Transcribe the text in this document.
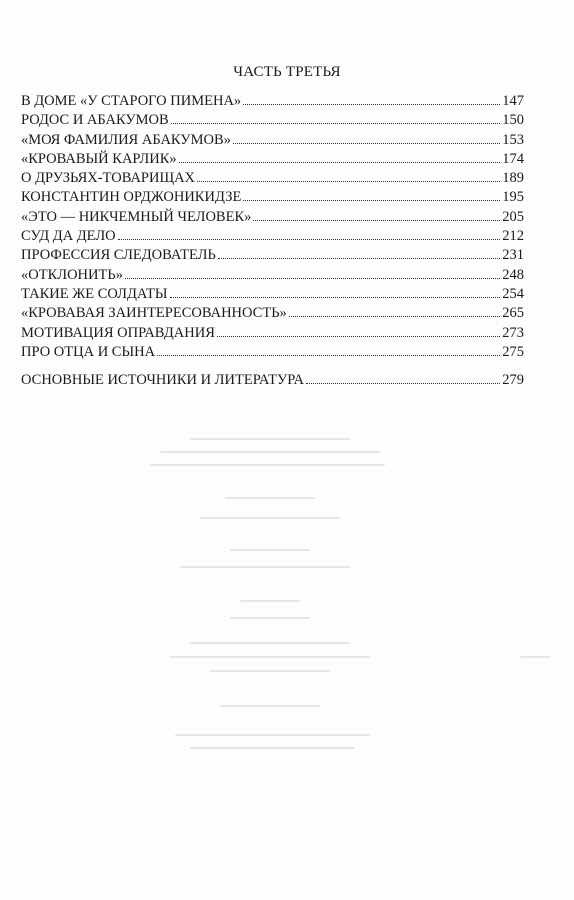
ЧАСТЬ ТРЕТЬЯ
В ДОМЕ «У СТАРОГО ПИМЕНА»	147
РОДОС И АБАКУМОВ	150
«МОЯ ФАМИЛИЯ АБАКУМОВ»	153
«КРОВАВЫЙ КАРЛИК»	174
О ДРУЗЬЯХ-ТОВАРИЩАХ	189
КОНСТАНТИН ОРДЖОНИКИДЗЕ	195
«ЭТО — НИКЧЕМНЫЙ ЧЕЛОВЕК»	205
СУД ДА ДЕЛО	212
ПРОФЕССИЯ СЛЕДОВАТЕЛЬ	231
«ОТКЛОНИТЬ»	248
ТАКИЕ ЖЕ СОЛДАТЫ	254
«КРОВАВАЯ ЗАИНТЕРЕСОВАННОСТЬ»	265
МОТИВАЦИЯ ОПРАВДАНИЯ	273
ПРО ОТЦА И СЫНА	275
ОСНОВНЫЕ ИСТОЧНИКИ И ЛИТЕРАТУРА	279
